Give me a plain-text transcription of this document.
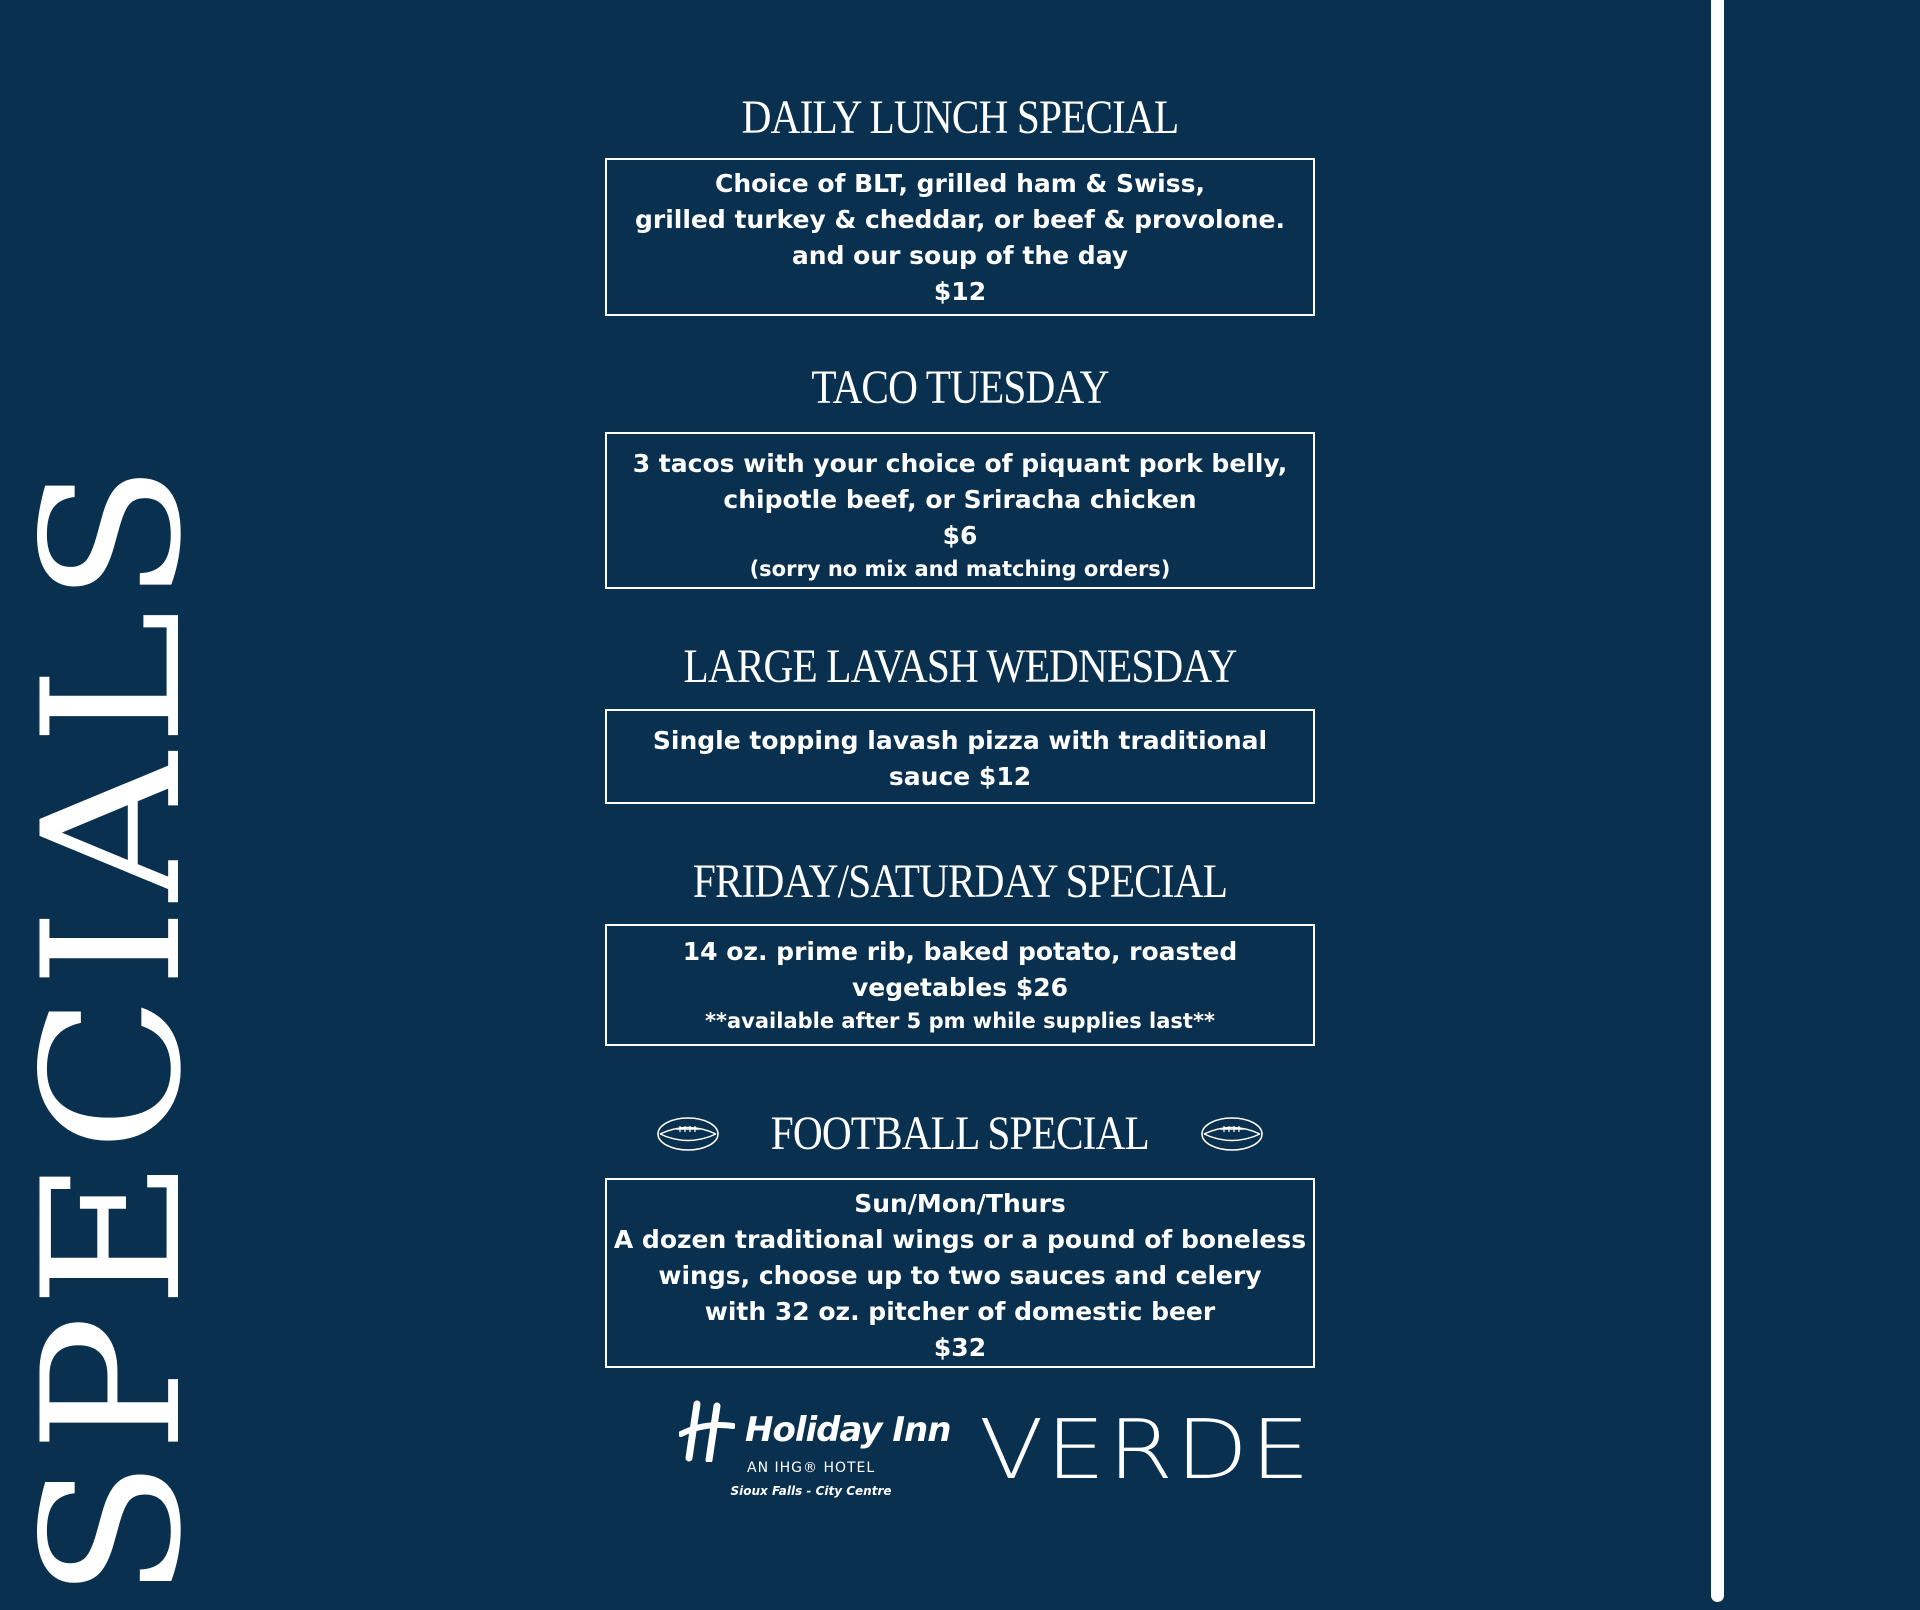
SPECIALS
DAILY LUNCH SPECIAL
Choice of BLT, grilled ham & Swiss,
grilled turkey & cheddar, or beef & provolone.
and our soup of the day
$12
TACO TUESDAY
3 tacos with your choice of piquant pork belly,
chipotle beef, or Sriracha chicken
$6
(sorry no mix and matching orders)
LARGE LAVASH WEDNESDAY
Single topping lavash pizza with traditional
sauce $12
FRIDAY/SATURDAY SPECIAL
14 oz. prime rib, baked potato, roasted
vegetables $26
**available after 5 pm while supplies last**
FOOTBALL SPECIAL
Sun/Mon/Thurs
A dozen traditional wings or a pound of boneless
wings, choose up to two sauces and celery
with 32 oz. pitcher of domestic beer
$32
Holiday Inn
AN IHG® HOTEL
Sioux Falls - City Centre VERDE
